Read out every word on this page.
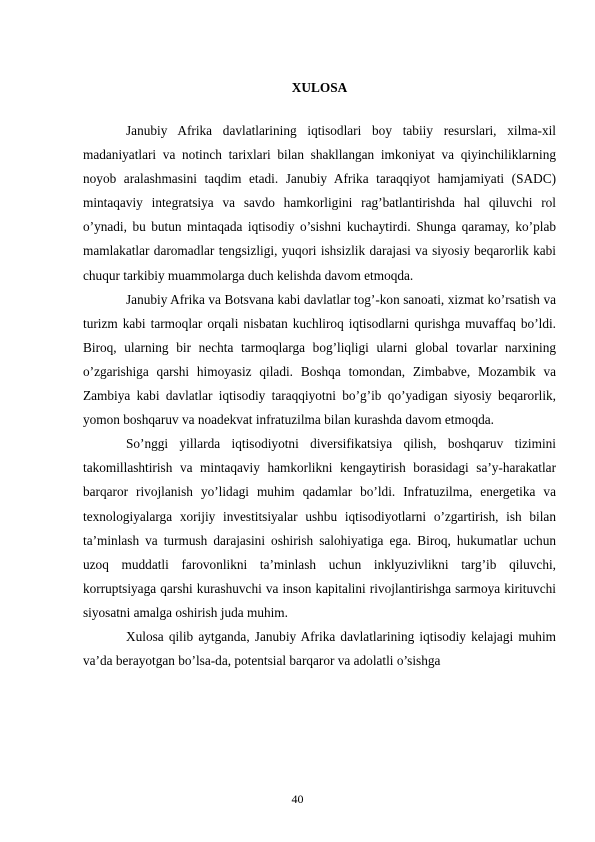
XULOSA

Janubiy Afrika davlatlarining iqtisodlari boy tabiiy resurslari, xilma-xil madaniyatlari va notinch tarixlari bilan shakllangan imkoniyat va qiyinchiliklarning noyob aralashmasini taqdim etadi. Janubiy Afrika taraqqiyot hamjamiyati (SADC) mintaqaviy integratsiya va savdo hamkorligini rag’batlantirishda hal qiluvchi rol o’ynadi, bu butun mintaqada iqtisodiy o’sishni kuchaytirdi. Shunga qaramay, ko’plab mamlakatlar daromadlar tengsizligi, yuqori ishsizlik darajasi va siyosiy beqarorlik kabi chuqur tarkibiy muammolarga duch kelishda davom etmoqda.

Janubiy Afrika va Botsvana kabi davlatlar tog’-kon sanoati, xizmat ko’rsatish va turizm kabi tarmoqlar orqali nisbatan kuchliroq iqtisodlarni qurishga muvaffaq bo’ldi. Biroq, ularning bir nechta tarmoqlarga bog’liqligi ularni global tovarlar narxining o’zgarishiga qarshi himoyasiz qiladi. Boshqa tomondan, Zimbabve, Mozambik va Zambiya kabi davlatlar iqtisodiy taraqqiyotni bo’g’ib qo’yadigan siyosiy beqarorlik, yomon boshqaruv va noadekvat infratuzilma bilan kurashda davom etmoqda.

So’nggi yillarda iqtisodiyotni diversifikatsiya qilish, boshqaruv tizimini takomillashtirish va mintaqaviy hamkorlikni kengaytirish borasidagi sa’y-harakatlar barqaror rivojlanish yo’lidagi muhim qadamlar bo’ldi. Infratuzilma, energetika va texnologiyalarga xorijiy investitsiyalar ushbu iqtisodiyotlarni o’zgartirish, ish bilan ta’minlash va turmush darajasini oshirish salohiyatiga ega. Biroq, hukumatlar uchun uzoq muddatli farovonlikni ta’minlash uchun inklyuzivlikni targ’ib qiluvchi, korruptsiyaga qarshi kurashuvchi va inson kapitalini rivojlantirishga sarmoya kirituvchi siyosatni amalga oshirish juda muhim.

Xulosa qilib aytganda, Janubiy Afrika davlatlarining iqtisodiy kelajagi muhim va’da berayotgan bo’lsa-da, potentsial barqaror va adolatli o’sishga

40
